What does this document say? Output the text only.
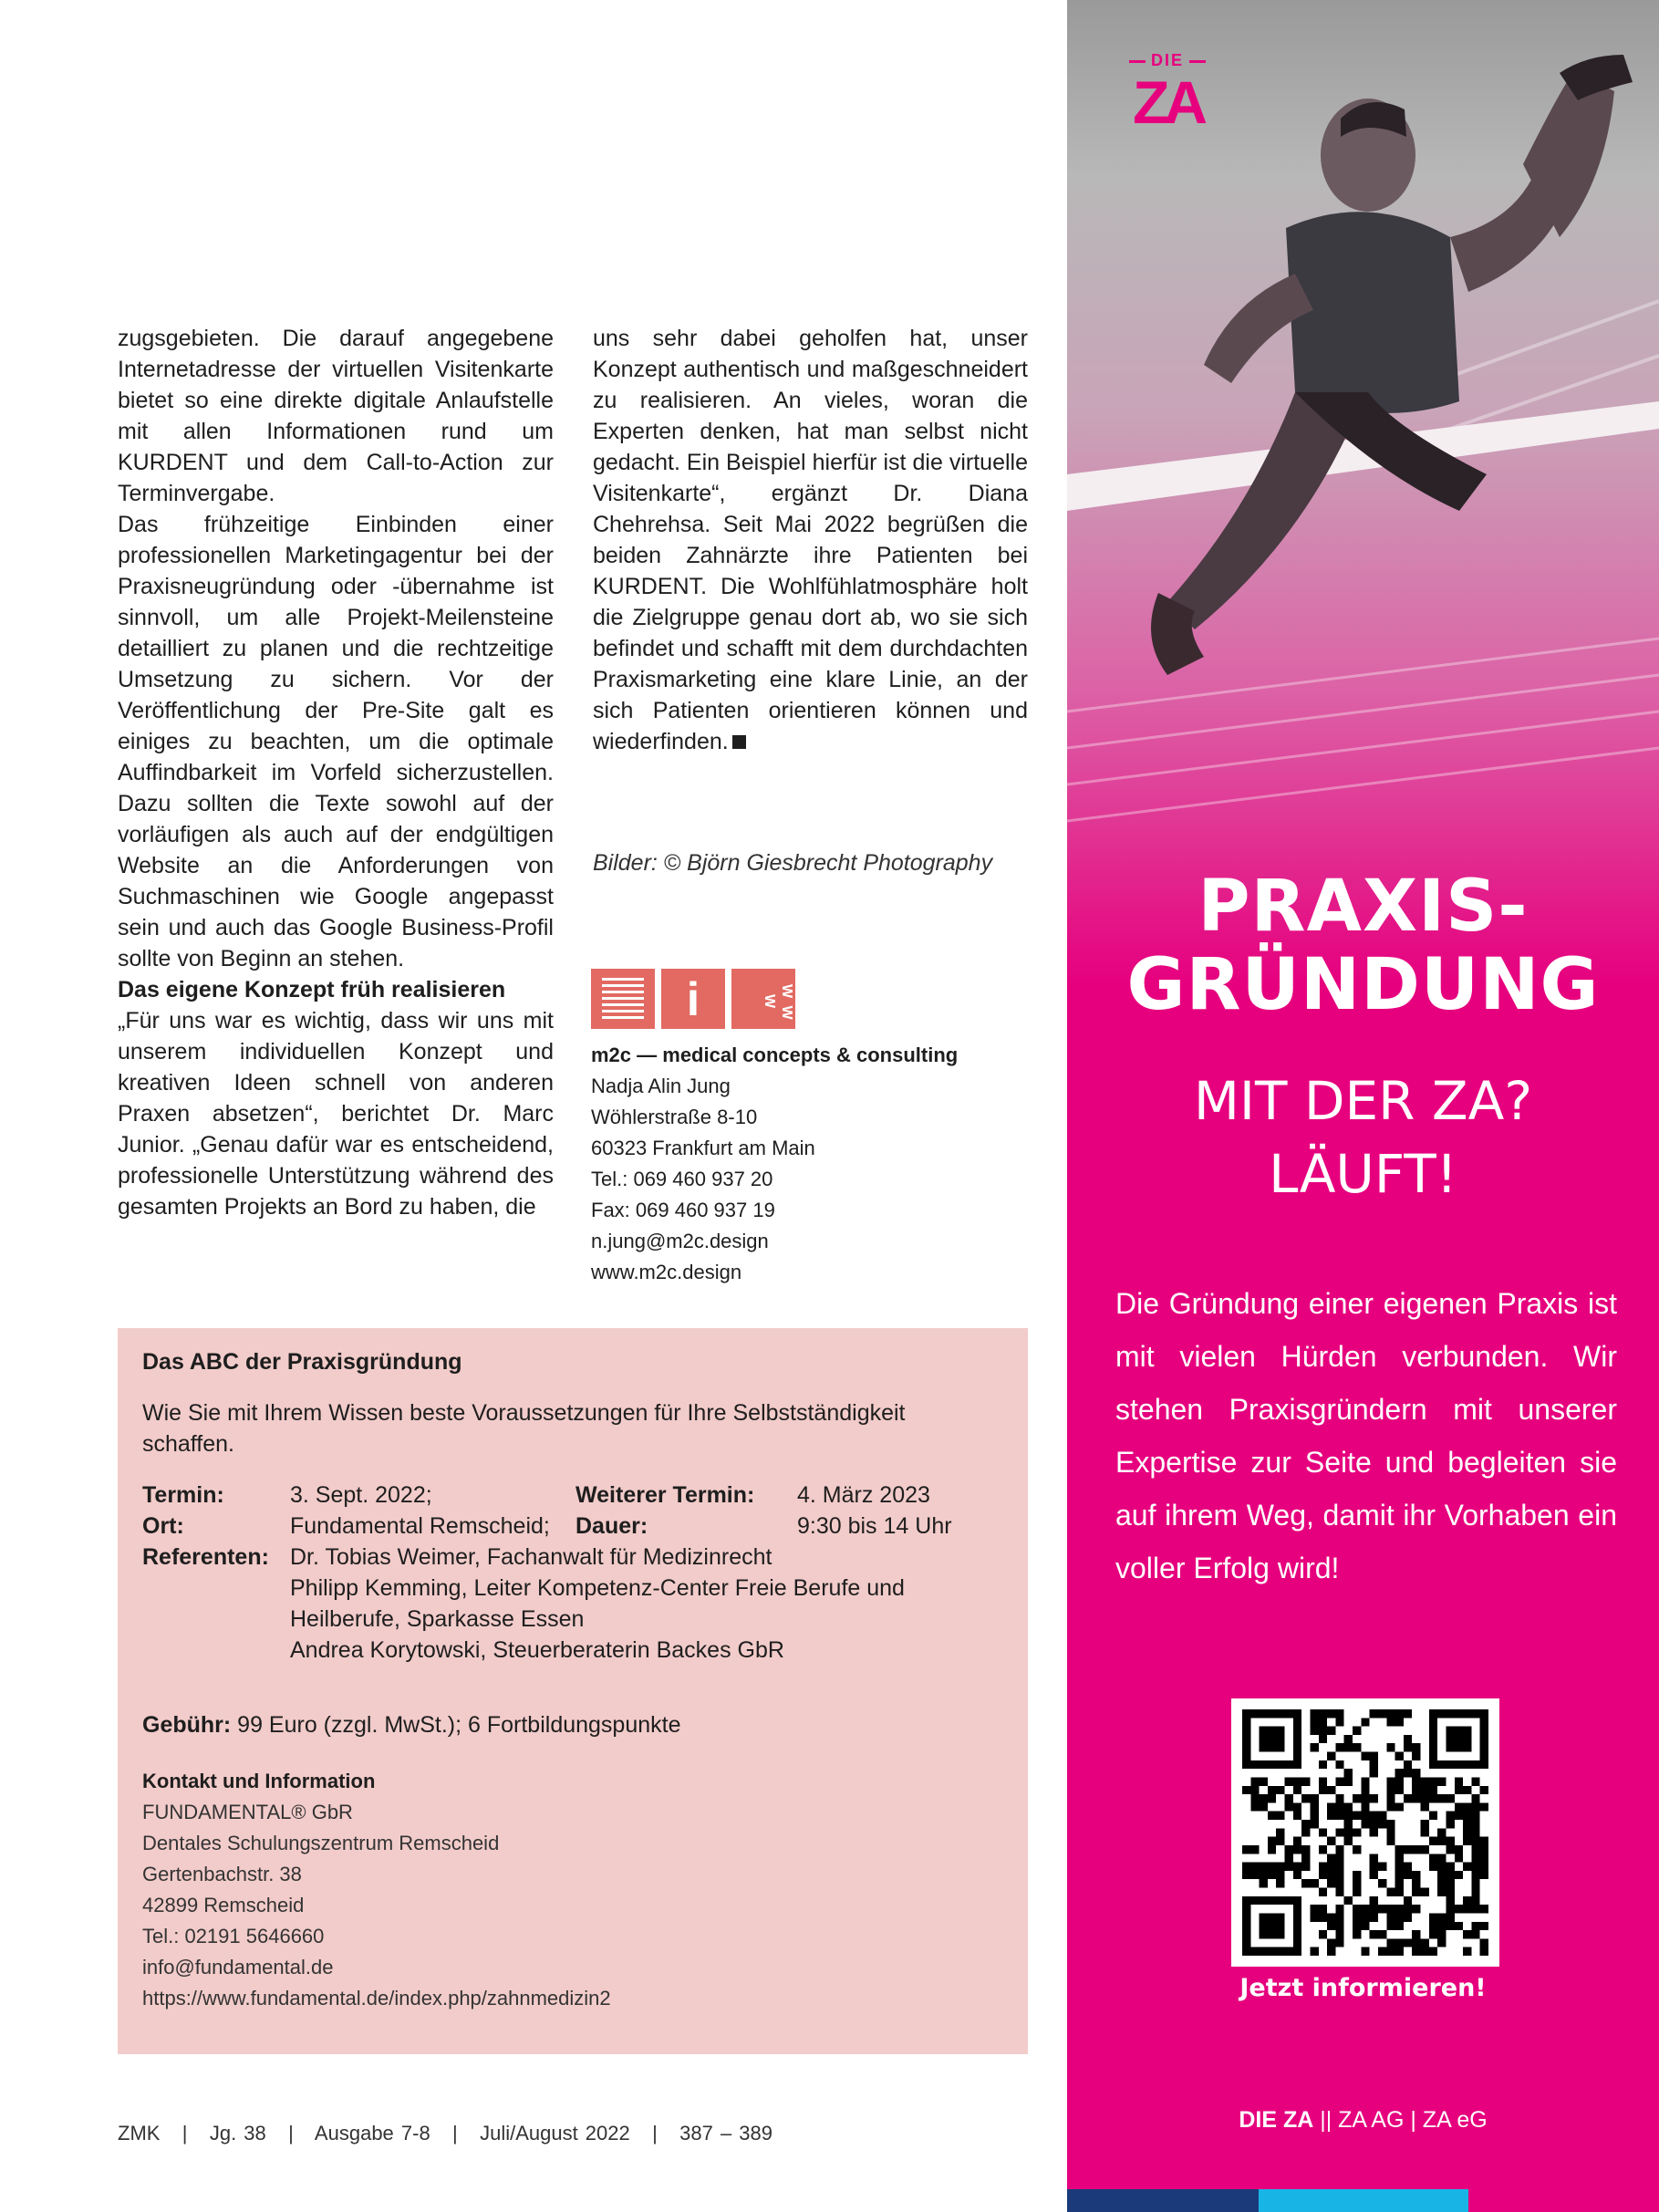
zugsgebieten. Die darauf angegebene Internetadresse der virtuellen Visitenkarte bietet so eine direkte digitale Anlaufstelle mit allen Informationen rund um KURDENT und dem Call-to-Action zur Terminvergabe.

Das frühzeitige Einbinden einer professionellen Marketingagentur bei der Praxisneugründung oder -übernahme ist sinnvoll, um alle Projekt-Meilensteine detailliert zu planen und die rechtzeitige Umsetzung zu sichern. Vor der Veröffentlichung der Pre-Site galt es einiges zu beachten, um die optimale Auffindbarkeit im Vorfeld sicherzustellen. Dazu sollten die Texte sowohl auf der vorläufigen als auch auf der endgültigen Website an die Anforderungen von Suchmaschinen wie Google angepasst sein und auch das Google Business-Profil sollte von Beginn an stehen.

Das eigene Konzept früh realisieren

„Für uns war es wichtig, dass wir uns mit unserem individuellen Konzept und kreativen Ideen schnell von anderen Praxen absetzen“, berichtet Dr. Marc Junior. „Genau dafür war es entscheidend, professionelle Unterstützung während des gesamten Projekts an Bord zu haben, die

uns sehr dabei geholfen hat, unser Konzept authentisch und maßgeschneidert zu realisieren. An vieles, woran die Experten denken, hat man selbst nicht gedacht. Ein Beispiel hierfür ist die virtuelle Visitenkarte“, ergänzt Dr. Diana Chehrehsa. Seit Mai 2022 begrüßen die beiden Zahnärzte ihre Patienten bei KURDENT. Die Wohlfühlatmosphäre holt die Zielgruppe genau dort ab, wo sie sich befindet und schafft mit dem durchdachten Praxismarketing eine klare Linie, an der sich Patienten orientieren können und wiederfinden.

Bilder: © Björn Giesbrecht Photography
i	W W W
m2c — medical concepts & consulting
Nadja Alin Jung
Wöhlerstraße 8-10
60323 Frankfurt am Main
Tel.: 069 460 937 20
Fax: 069 460 937 19
n.jung@m2c.design
www.m2c.design
Das ABC der Praxisgründung
Wie Sie mit Ihrem Wissen beste Voraussetzungen für Ihre Selbstständigkeit schaffen.
Termin:	3. Sept. 2022;	Weiterer Termin: 4. März 2023
Ort:	Fundamental Remscheid; Dauer:	9:30 bis 14 Uhr
Referenten: Dr. Tobias Weimer, Fachanwalt für Medizinrecht
Philipp Kemming, Leiter Kompetenz-Center Freie Berufe und
Heilberufe, Sparkasse Essen
Andrea Korytowski, Steuerberaterin Backes GbR
Gebühr: 99 Euro (zzgl. MwSt.); 6 Fortbildungspunkte
Kontakt und Information
FUNDAMENTAL® GbR
Dentales Schulungszentrum Remscheid
Gertenbachstr. 38
42899 Remscheid
Tel.: 02191 5646660
info@fundamental.de
https://www.fundamental.de/index.php/zahnmedizin2
ZMK   |   Jg. 38   |   Ausgabe 7-8   |   Juli/August 2022   |   387 – 389
DIE
ZA
PRAXIS-
GRÜNDUNG
MIT DER ZA?
LÄUFT!
Die Gründung einer eigenen Praxis ist mit vielen Hürden verbunden. Wir stehen Praxisgründern mit unserer Expertise zur Seite und begleiten sie auf ihrem Weg, damit ihr Vorhaben ein voller Erfolg wird!
Jetzt informieren!
DIE ZA || ZA AG | ZA eG
